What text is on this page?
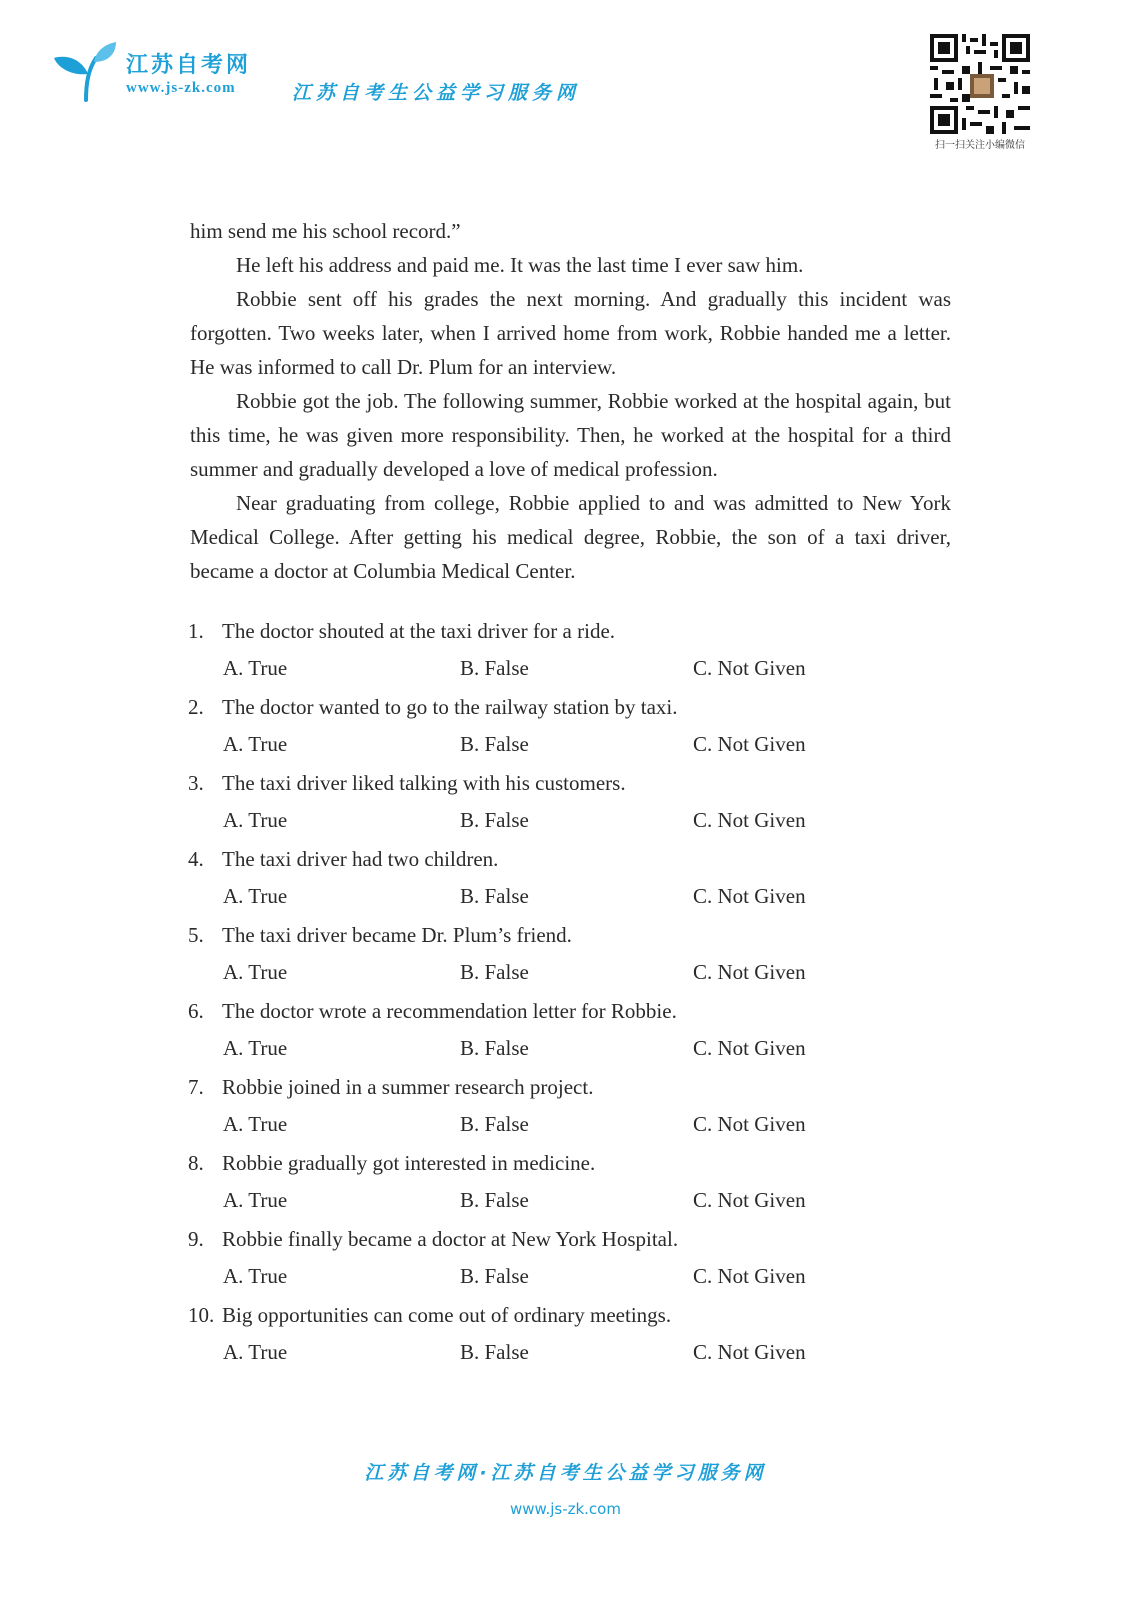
江苏自考网
www.js-zk.com	江苏自考生公益学习服务网
扫一扫关注小编微信

him send me his school record.”

He left his address and paid me. It was the last time I ever saw him.

Robbie sent off his grades the next morning. And gradually this incident was forgotten. Two weeks later, when I arrived home from work, Robbie handed me a letter. He was informed to call Dr. Plum for an interview.

Robbie got the job. The following summer, Robbie worked at the hospital again, but this time, he was given more responsibility. Then, he worked at the hospital for a third summer and gradually developed a love of medical profession.

Near graduating from college, Robbie applied to and was admitted to New York Medical College. After getting his medical degree, Robbie, the son of a taxi driver, became a doctor at Columbia Medical Center.

1. The doctor shouted at the taxi driver for a ride.
A. True	B. False	C. Not Given
2. The doctor wanted to go to the railway station by taxi.
A. True	B. False	C. Not Given
3. The taxi driver liked talking with his customers.
A. True	B. False	C. Not Given
4. The taxi driver had two children.
A. True	B. False	C. Not Given
5. The taxi driver became Dr. Plum’s friend.
A. True	B. False	C. Not Given
6. The doctor wrote a recommendation letter for Robbie.
A. True	B. False	C. Not Given
7. Robbie joined in a summer research project.
A. True	B. False	C. Not Given
8. Robbie gradually got interested in medicine.
A. True	B. False	C. Not Given
9. Robbie finally became a doctor at New York Hospital.
A. True	B. False	C. Not Given
10. Big opportunities can come out of ordinary meetings.
A. True	B. False	C. Not Given
江苏自考网·江苏自考生公益学习服务网
www.js-zk.com
